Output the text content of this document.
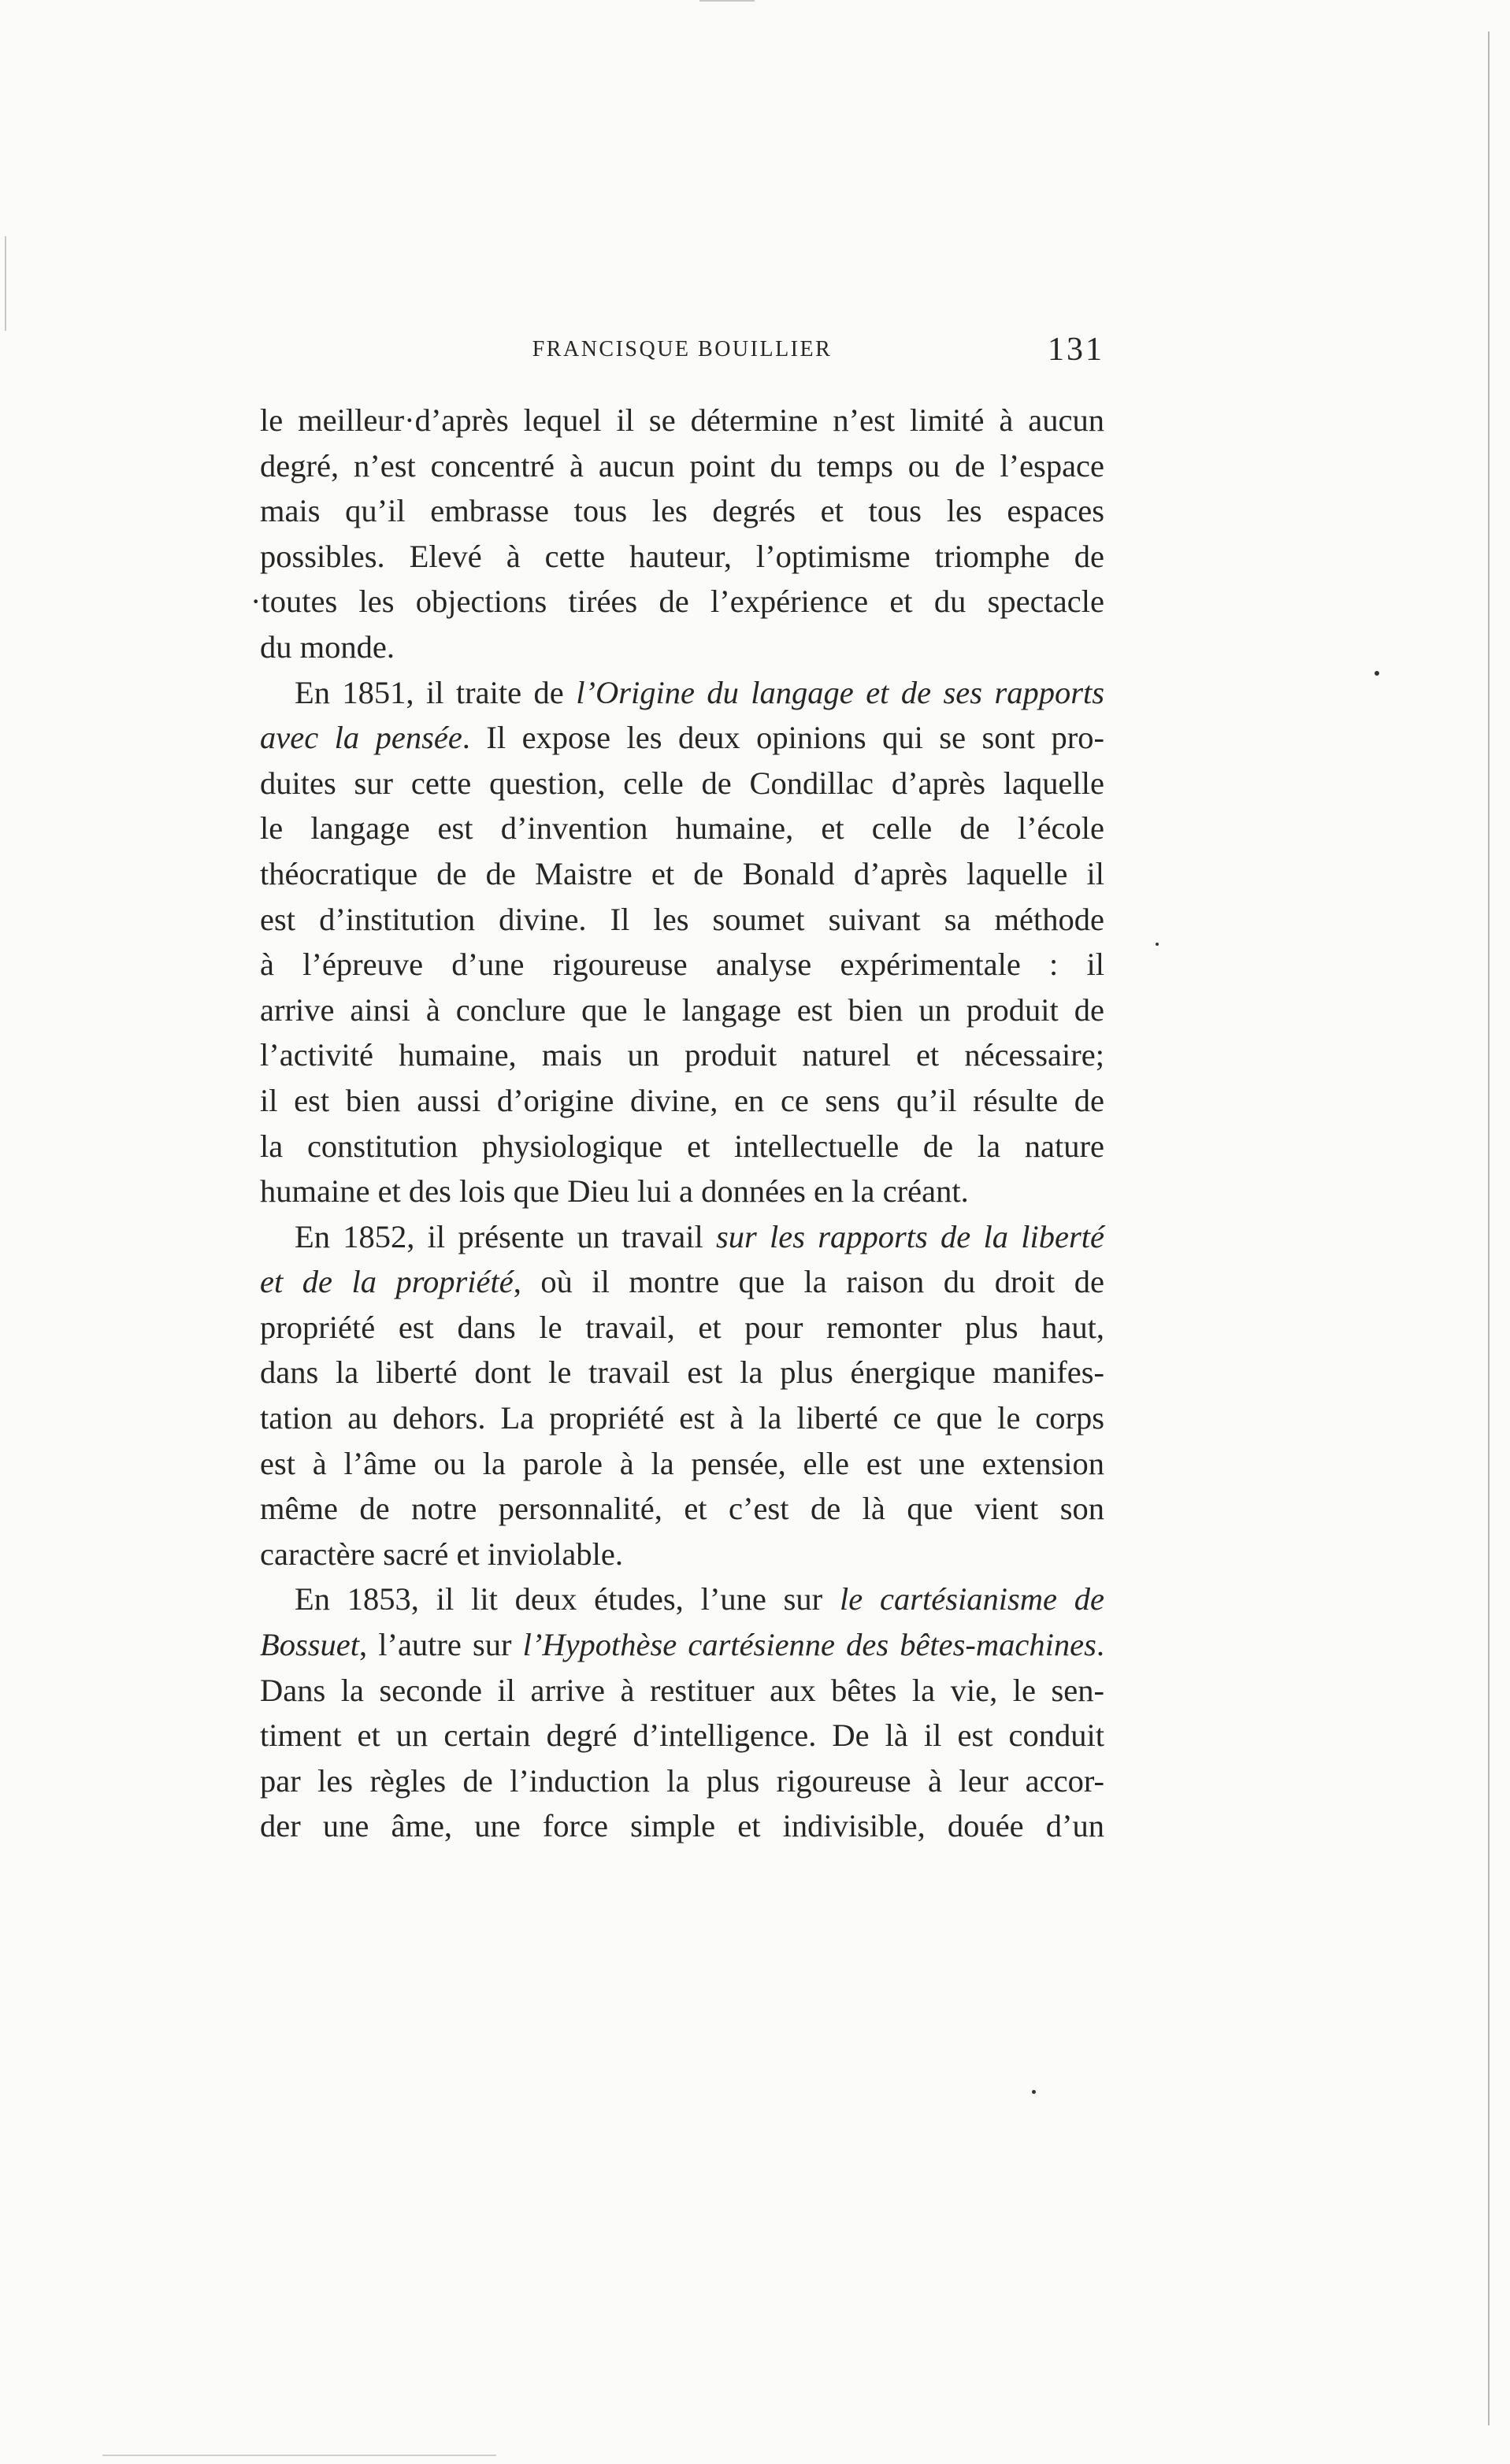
FRANCISQUE BOUILLIER	131
le meilleur·d’après lequel il se détermine n’est limité à aucun
degré, n’est concentré à aucun point du temps ou de l’espace
mais qu’il embrasse tous les degrés et tous les espaces
possibles. Elevé à cette hauteur, l’optimisme triomphe de
·toutes les objections tirées de l’expérience et du spectacle
du monde.
En 1851, il traite de l’Origine du langage et de ses rapports
avec la pensée. Il expose les deux opinions qui se sont pro-
duites sur cette question, celle de Condillac d’après laquelle
le langage est d’invention humaine, et celle de l’école
théocratique de de Maistre et de Bonald d’après laquelle il
est d’institution divine. Il les soumet suivant sa méthode
à l’épreuve d’une rigoureuse analyse expérimentale : il
arrive ainsi à conclure que le langage est bien un produit de
l’activité humaine, mais un produit naturel et nécessaire;
il est bien aussi d’origine divine, en ce sens qu’il résulte de
la constitution physiologique et intellectuelle de la nature
humaine et des lois que Dieu lui a données en la créant.
En 1852, il présente un travail sur les rapports de la liberté
et de la propriété, où il montre que la raison du droit de
propriété est dans le travail, et pour remonter plus haut,
dans la liberté dont le travail est la plus énergique manifes-
tation au dehors. La propriété est à la liberté ce que le corps
est à l’âme ou la parole à la pensée, elle est une extension
même de notre personnalité, et c’est de là que vient son
caractère sacré et inviolable.
En 1853, il lit deux études, l’une sur le cartésianisme de
Bossuet, l’autre sur l’Hypothèse cartésienne des bêtes-machines.
Dans la seconde il arrive à restituer aux bêtes la vie, le sen-
timent et un certain degré d’intelligence. De là il est conduit
par les règles de l’induction la plus rigoureuse à leur accor-
der une âme, une force simple et indivisible, douée d’un
